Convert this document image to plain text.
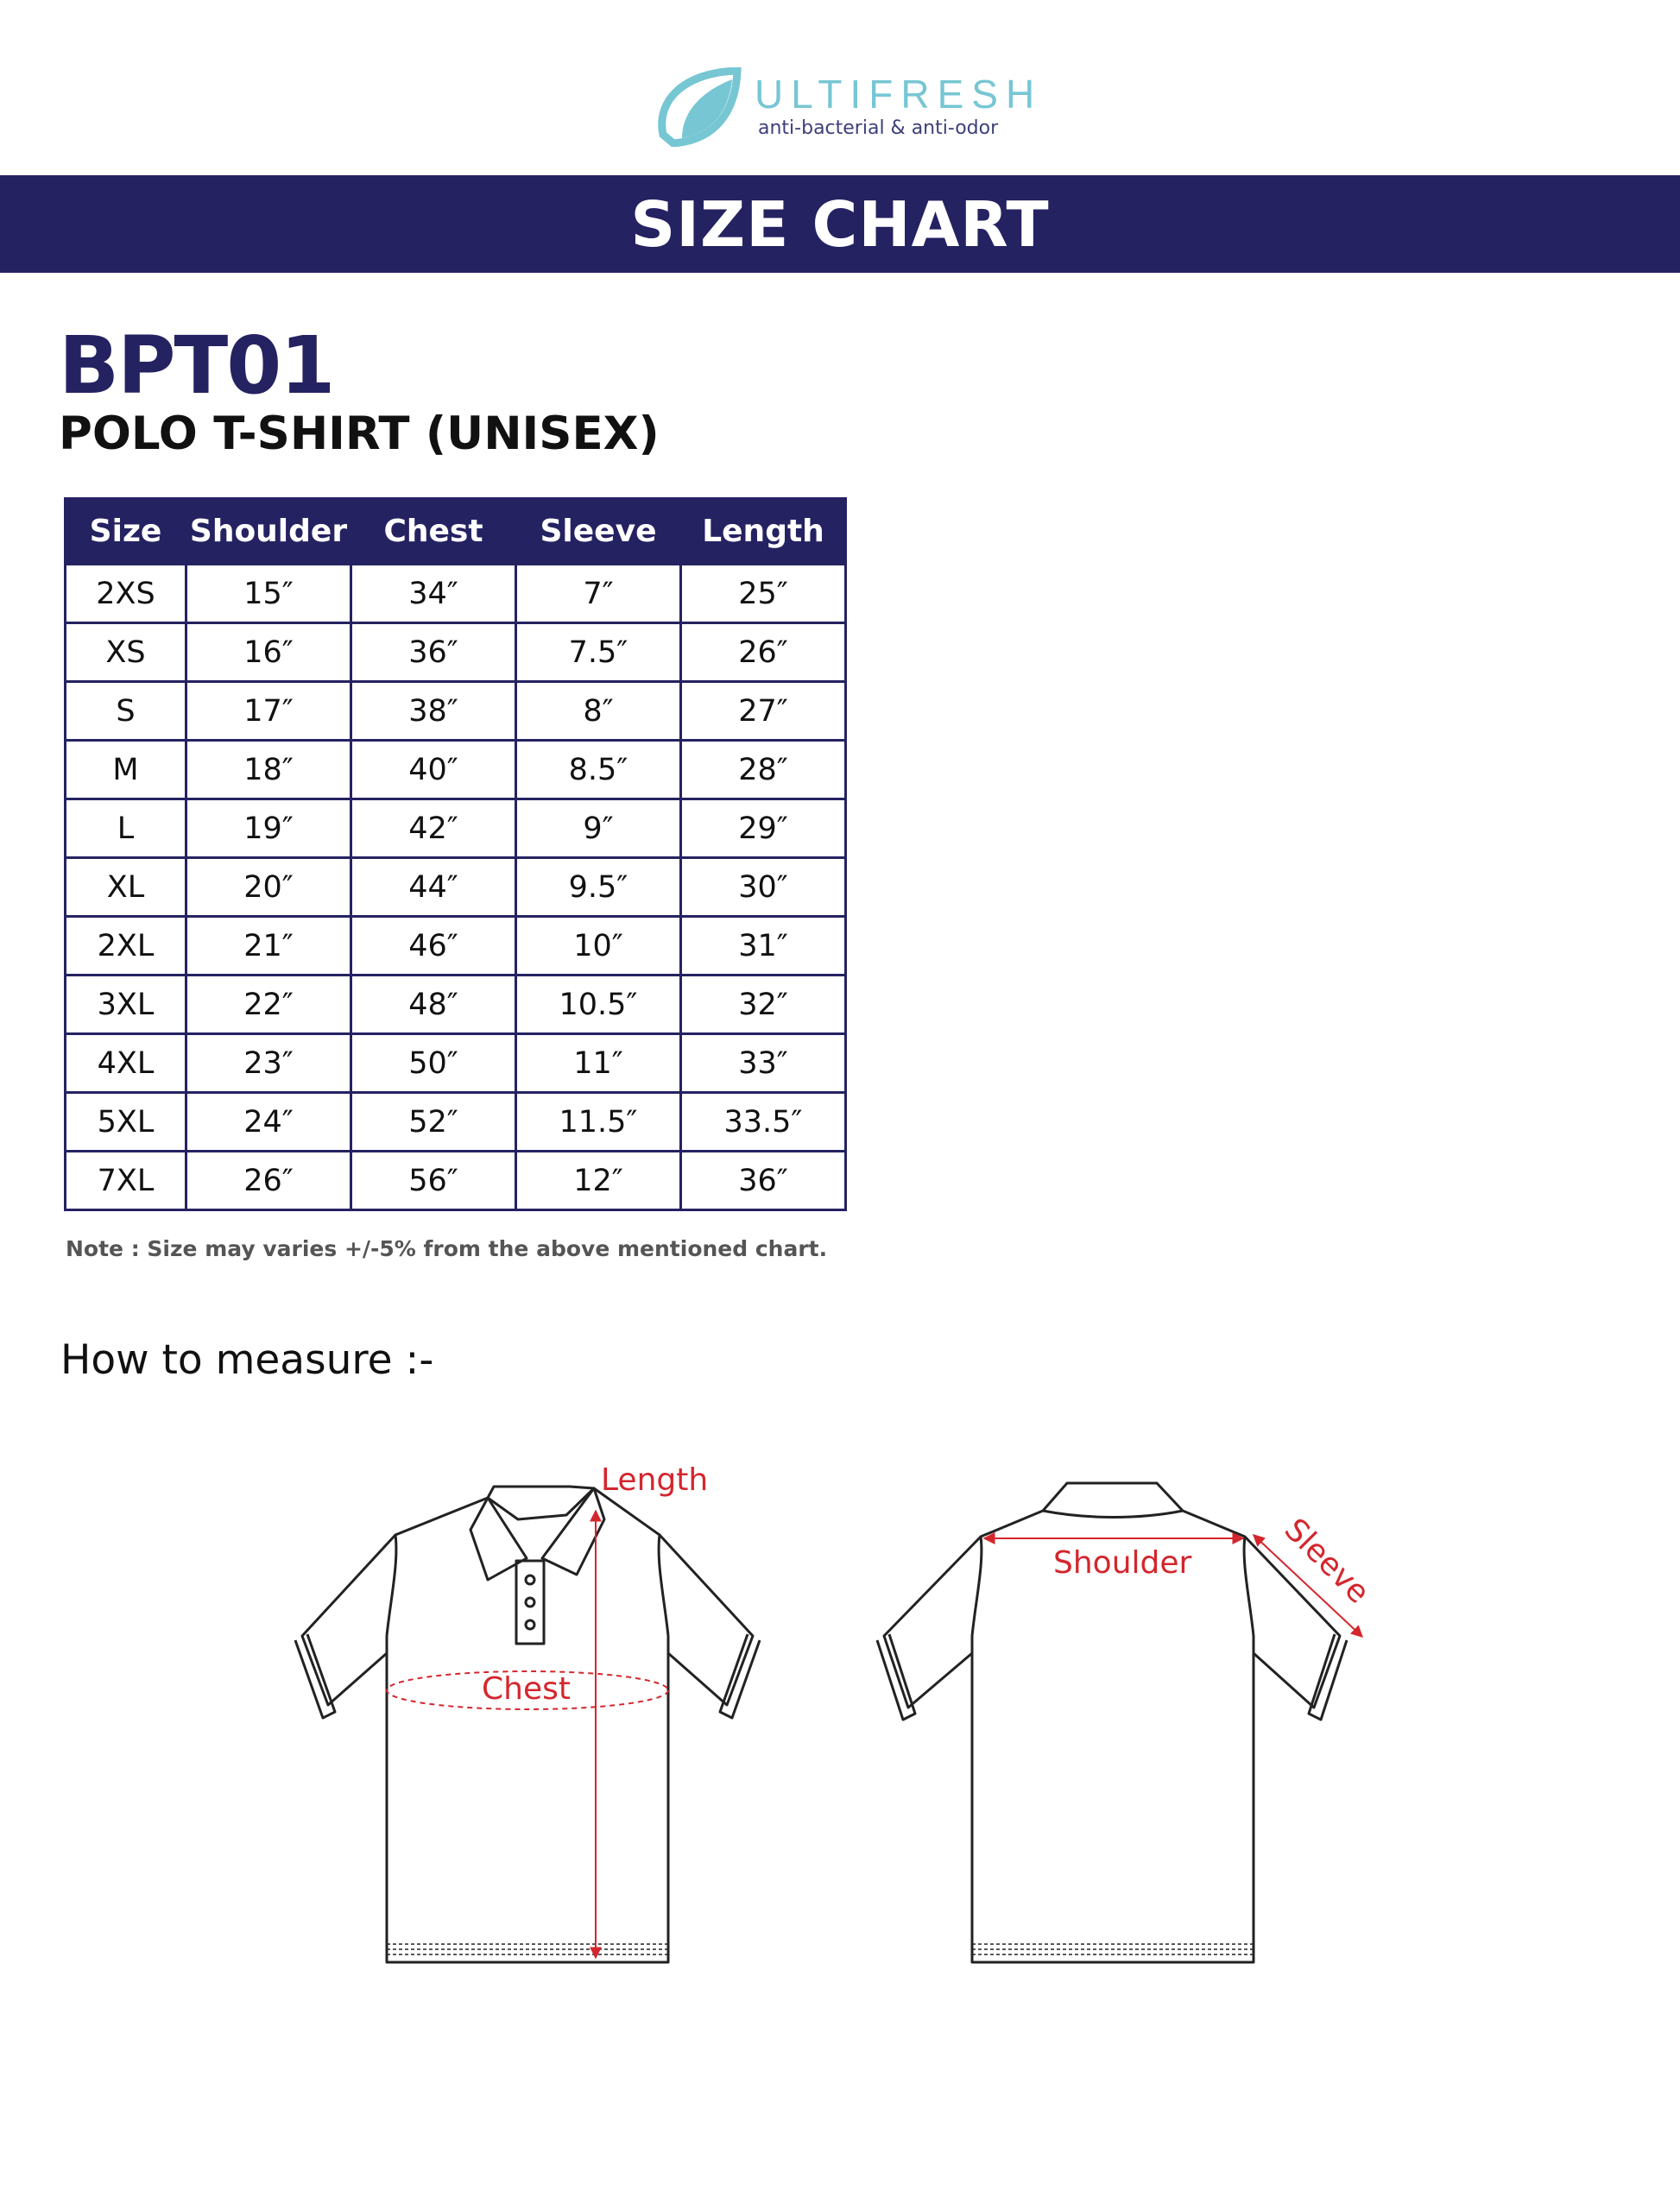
ULTIFRESH
anti-bacterial & anti-odor
SIZE CHART
BPT01
POLO T-SHIRT (UNISEX)
Size	Shoulder	Chest	Sleeve	Length
2XS	15″	34″	7″	25″
XS	16″	36″	7.5″	26″
S	17″	38″	8″	27″
M	18″	40″	8.5″	28″
L	19″	42″	9″	29″
XL	20″	44″	9.5″	30″
2XL	21″	46″	10″	31″
3XL	22″	48″	10.5″	32″
4XL	23″	50″	11″	33″
5XL	24″	52″	11.5″	33.5″
7XL	26″	56″	12″	36″
Note : Size may varies +/-5% from the above mentioned chart.
How to measure :-
Length
Chest
Shoulder	Sleeve
